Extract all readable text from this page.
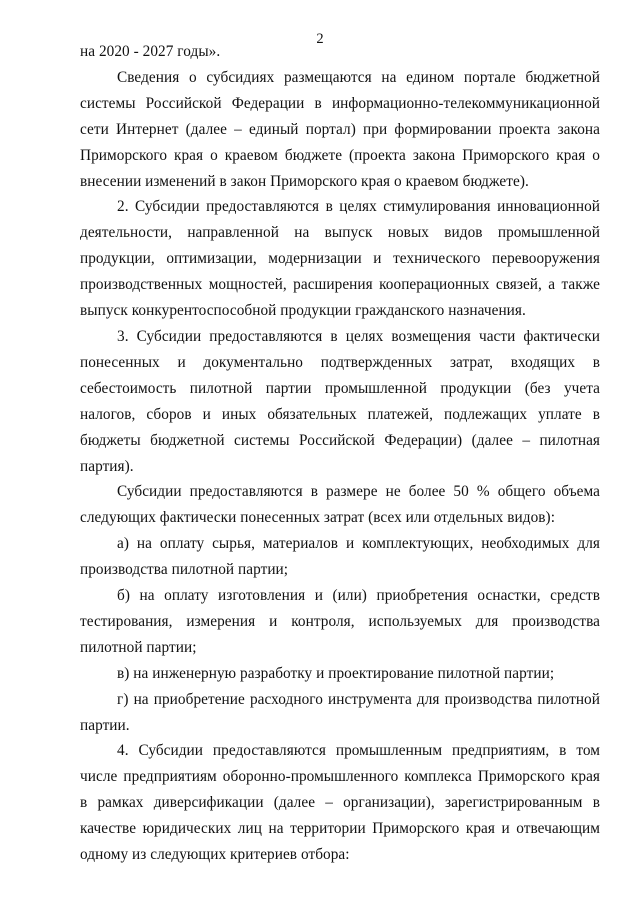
2

на 2020 - 2027 годы».

Сведения о субсидиях размещаются на едином портале бюджетной системы Российской Федерации в информационно-телекоммуникационной сети Интернет (далее – единый портал) при формировании проекта закона Приморского края о краевом бюджете (проекта закона Приморского края о внесении изменений в закон Приморского края о краевом бюджете).

2. Субсидии предоставляются в целях стимулирования инновационной деятельности, направленной на выпуск новых видов промышленной продукции, оптимизации, модернизации и технического перевооружения производственных мощностей, расширения кооперационных связей, а также выпуск конкурентоспособной продукции гражданского назначения.

3. Субсидии предоставляются в целях возмещения части фактически понесенных и документально подтвержденных затрат, входящих в себестоимость пилотной партии промышленной продукции (без учета налогов, сборов и иных обязательных платежей, подлежащих уплате в бюджеты бюджетной системы Российской Федерации) (далее – пилотная партия).

Субсидии предоставляются в размере не более 50 % общего объема следующих фактически понесенных затрат (всех или отдельных видов):

а) на оплату сырья, материалов и комплектующих, необходимых для производства пилотной партии;

б) на оплату изготовления и (или) приобретения оснастки, средств тестирования, измерения и контроля, используемых для производства пилотной партии;

в) на инженерную разработку и проектирование пилотной партии;

г) на приобретение расходного инструмента для производства пилотной партии.

4. Субсидии предоставляются промышленным предприятиям, в том числе предприятиям оборонно-промышленного комплекса Приморского края в рамках диверсификации (далее – организации), зарегистрированным в качестве юридических лиц на территории Приморского края и отвечающим одному из следующих критериев отбора:
